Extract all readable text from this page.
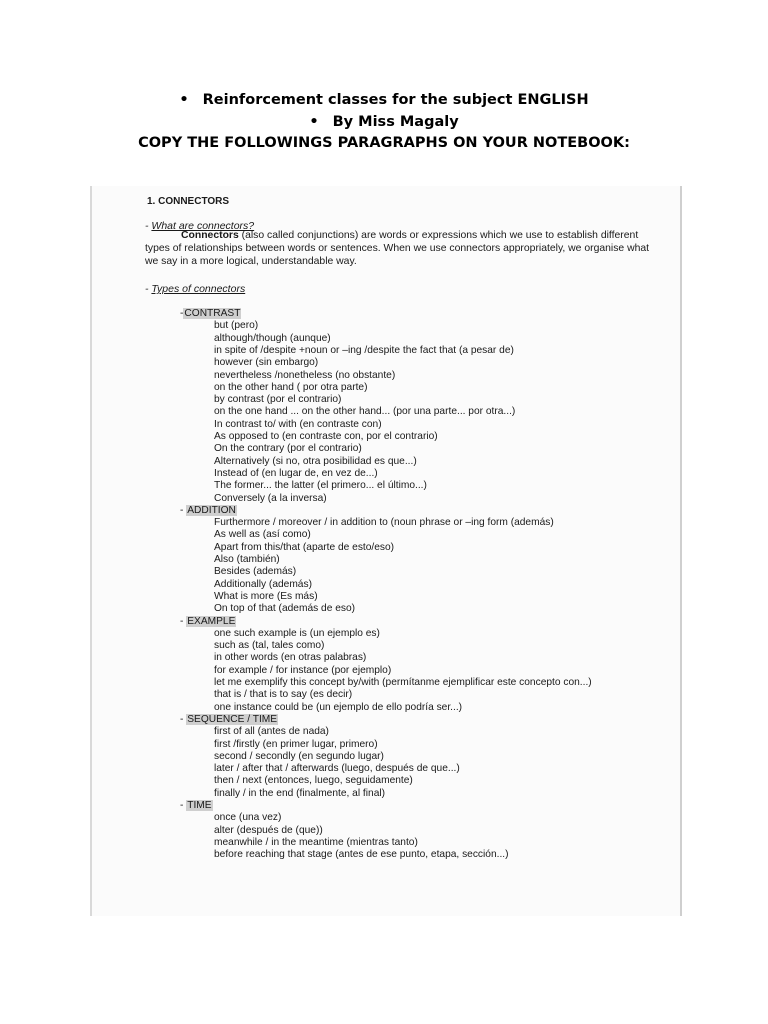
• Reinforcement classes for the subject ENGLISH
• By Miss Magaly
COPY THE FOLLOWINGS PARAGRAPHS ON YOUR NOTEBOOK:
1. CONNECTORS
- What are connectors?
Connectors (also called conjunctions) are words or expressions which we use to establish different types of relationships between words or sentences. When we use connectors appropriately, we organise what we say in a more logical, understandable way.
- Types of connectors
-CONTRAST
but (pero)
although/though (aunque)
in spite of /despite +noun or –ing /despite the fact that (a pesar de)
however (sin embargo)
nevertheless /nonetheless (no obstante)
on the other hand ( por otra parte)
by contrast (por el contrario)
on the one hand ... on the other hand... (por una parte... por otra...)
In contrast to/ with (en contraste con)
As opposed to (en contraste con, por el contrario)
On the contrary (por el contrario)
Alternatively (si no, otra posibilidad es que...)
Instead of (en lugar de, en vez de...)
The former... the latter (el primero... el último...)
Conversely (a la inversa)
- ADDITION
Furthermore / moreover / in addition to (noun phrase or –ing form (además)
As well as (así como)
Apart from this/that (aparte de esto/eso)
Also (también)
Besides (además)
Additionally (además)
What is more (Es más)
On top of that (además de eso)
- EXAMPLE
one such example is (un ejemplo es)
such as (tal, tales como)
in other words (en otras palabras)
for example / for instance (por ejemplo)
let me exemplify this concept by/with (permítanme ejemplificar este concepto con...)
that is / that is to say (es decir)
one instance could be (un ejemplo de ello podría ser...)
- SEQUENCE / TIME
first of all (antes de nada)
first /firstly (en primer lugar, primero)
second / secondly (en segundo lugar)
later / after that / afterwards (luego, después de que...)
then / next (entonces, luego, seguidamente)
finally / in the end (finalmente, al final)
- TIME
once (una vez)
alter (después de (que))
meanwhile / in the meantime (mientras tanto)
before reaching that stage (antes de ese punto, etapa, sección...)
